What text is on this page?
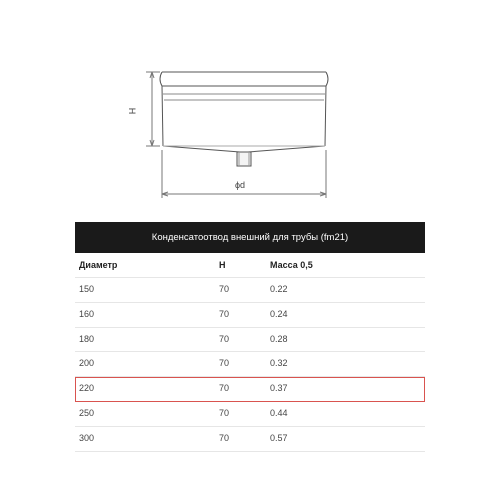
H
ϕd
Конденсатоотвод внешний для трубы (fm21)
Диаметр	H	Масса 0,5
150	70	0.22
160	70	0.24
180	70	0.28
200	70	0.32
220	70	0.37
250	70	0.44
300	70	0.57
